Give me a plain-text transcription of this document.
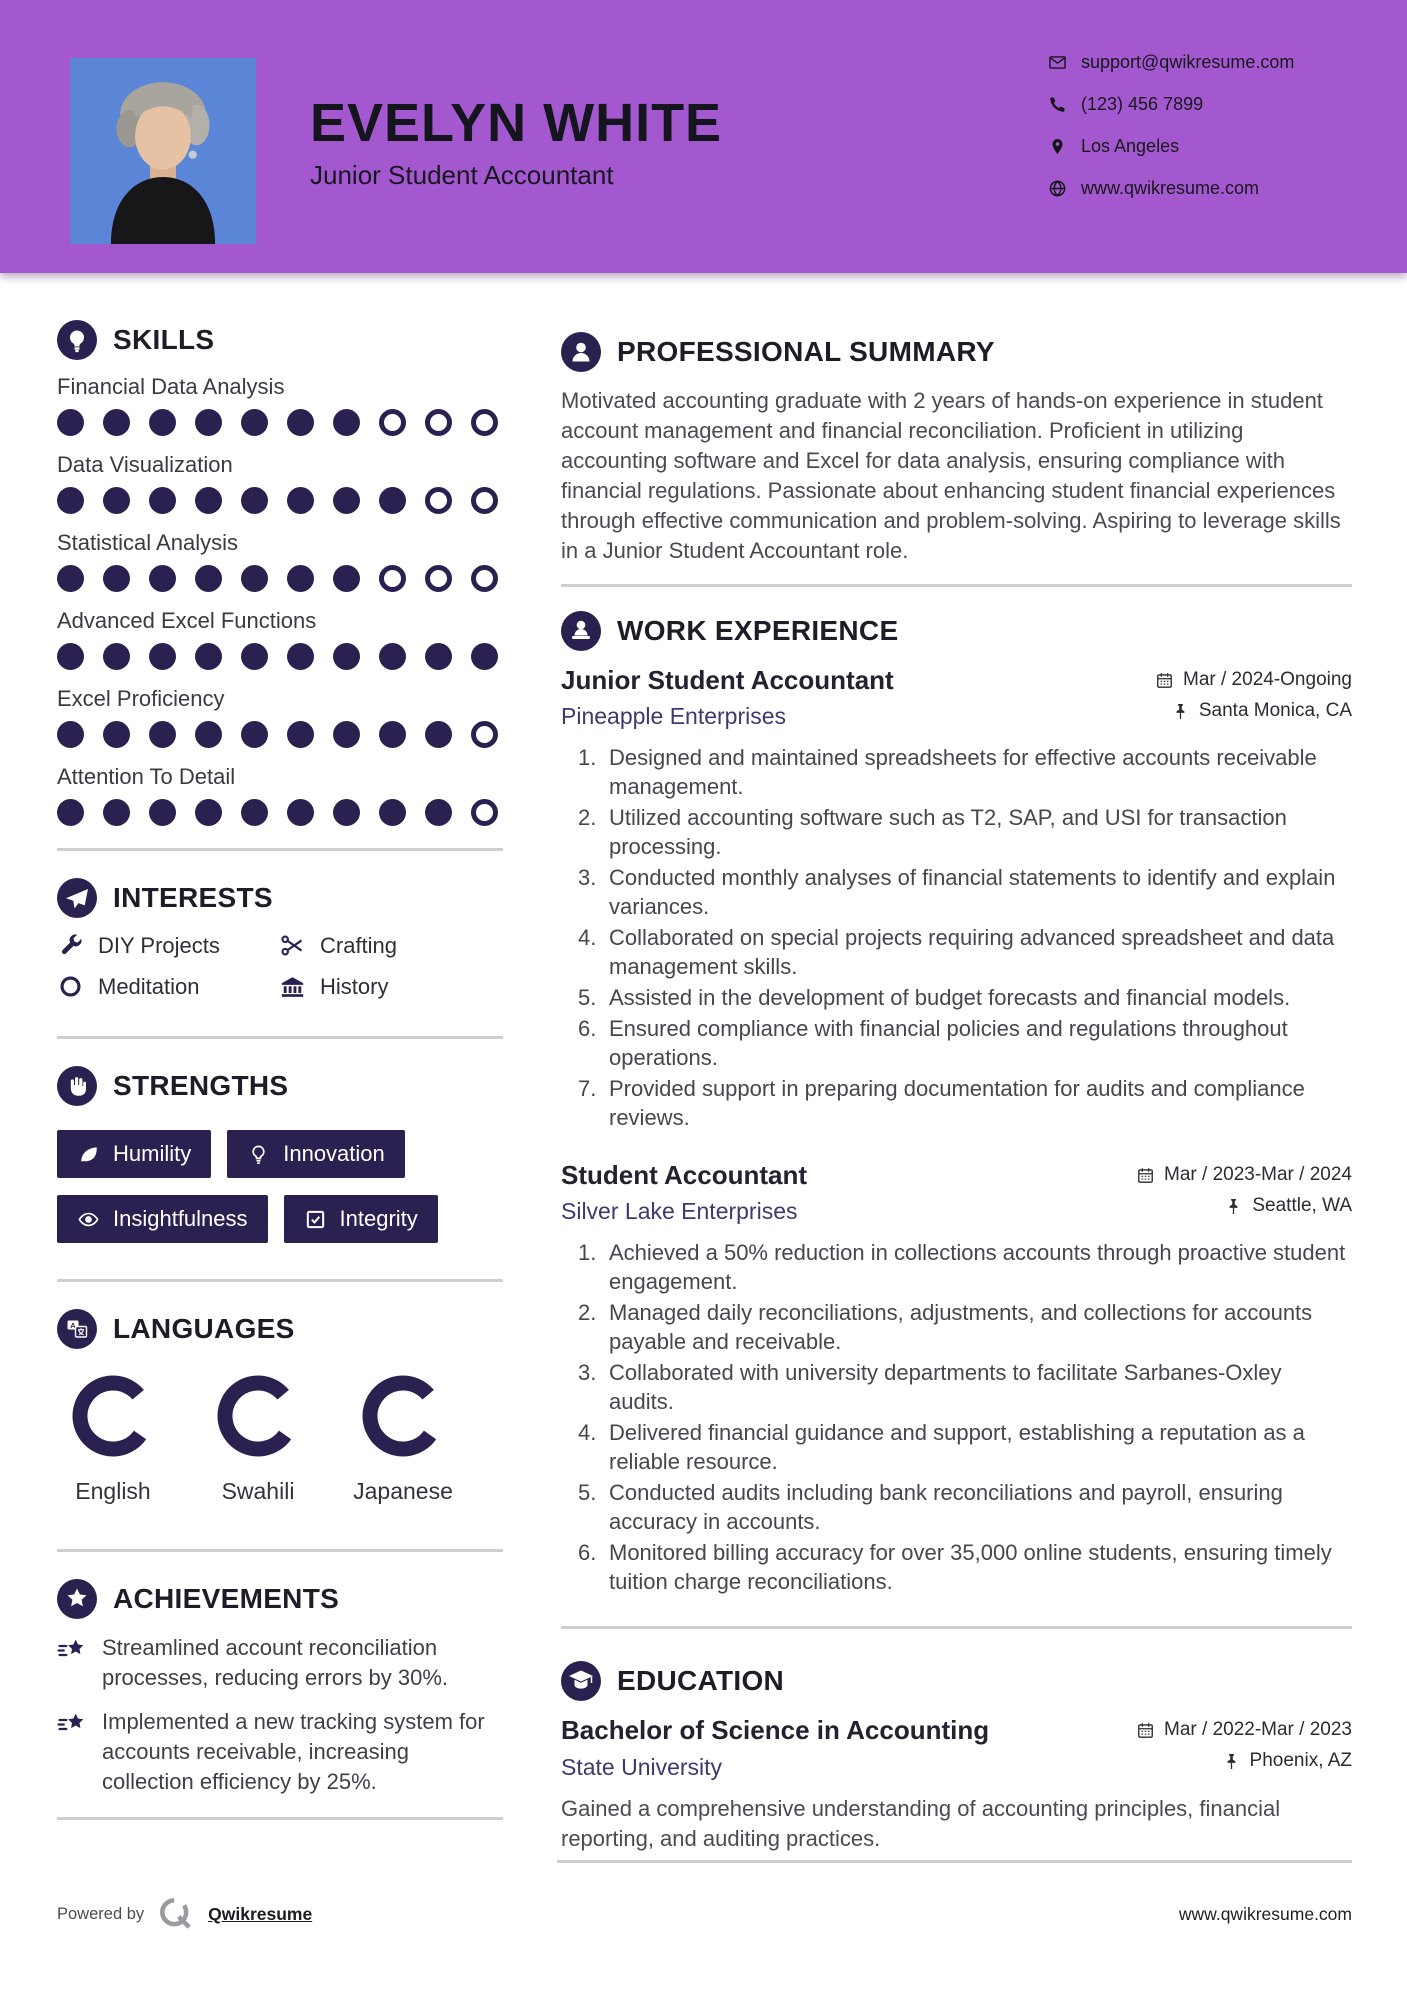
EVELYN WHITE
Junior Student Accountant
support@qwikresume.com
(123) 456 7899
Los Angeles
www.qwikresume.com
SKILLS
Financial Data Analysis
Data Visualization
Statistical Analysis
Advanced Excel Functions
Excel Proficiency
Attention To Detail
INTERESTS
DIY Projects	Crafting
Meditation	History
STRENGTHS
Humility	Innovation
Insightfulness	Integrity
A LANGUAGES
English	Swahili	Japanese
ACHIEVEMENTS
Streamlined account reconciliation processes, reducing errors by 30%.
Implemented a new tracking system for accounts receivable, increasing collection efficiency by 25%.
PROFESSIONAL SUMMARY

Motivated accounting graduate with 2 years of hands-on experience in student account management and financial reconciliation. Proficient in utilizing accounting software and Excel for data analysis, ensuring compliance with financial regulations. Passionate about enhancing student financial experiences through effective communication and problem-solving. Aspiring to leverage skills in a Junior Student Accountant role.

WORK EXPERIENCE
Junior Student Accountant
Pineapple Enterprises
Mar / 2024-Ongoing
Santa Monica, CA
Designed and maintained spreadsheets for effective accounts receivable management.
Utilized accounting software such as T2, SAP, and USI for transaction processing.
Conducted monthly analyses of financial statements to identify and explain variances.
Collaborated on special projects requiring advanced spreadsheet and data management skills.
Assisted in the development of budget forecasts and financial models.
Ensured compliance with financial policies and regulations throughout operations.
Provided support in preparing documentation for audits and compliance reviews.
Student Accountant
Silver Lake Enterprises
Mar / 2023-Mar / 2024
Seattle, WA
Achieved a 50% reduction in collections accounts through proactive student engagement.
Managed daily reconciliations, adjustments, and collections for accounts payable and receivable.
Collaborated with university departments to facilitate Sarbanes-Oxley audits.
Delivered financial guidance and support, establishing a reputation as a reliable resource.
Conducted audits including bank reconciliations and payroll, ensuring accuracy in accounts.
Monitored billing accuracy for over 35,000 online students, ensuring timely tuition charge reconciliations.
EDUCATION
Bachelor of Science in Accounting
State University
Mar / 2022-Mar / 2023
Phoenix, AZ

Gained a comprehensive understanding of accounting principles, financial reporting, and auditing practices.

Powered by	Qwikresume	www.qwikresume.com
